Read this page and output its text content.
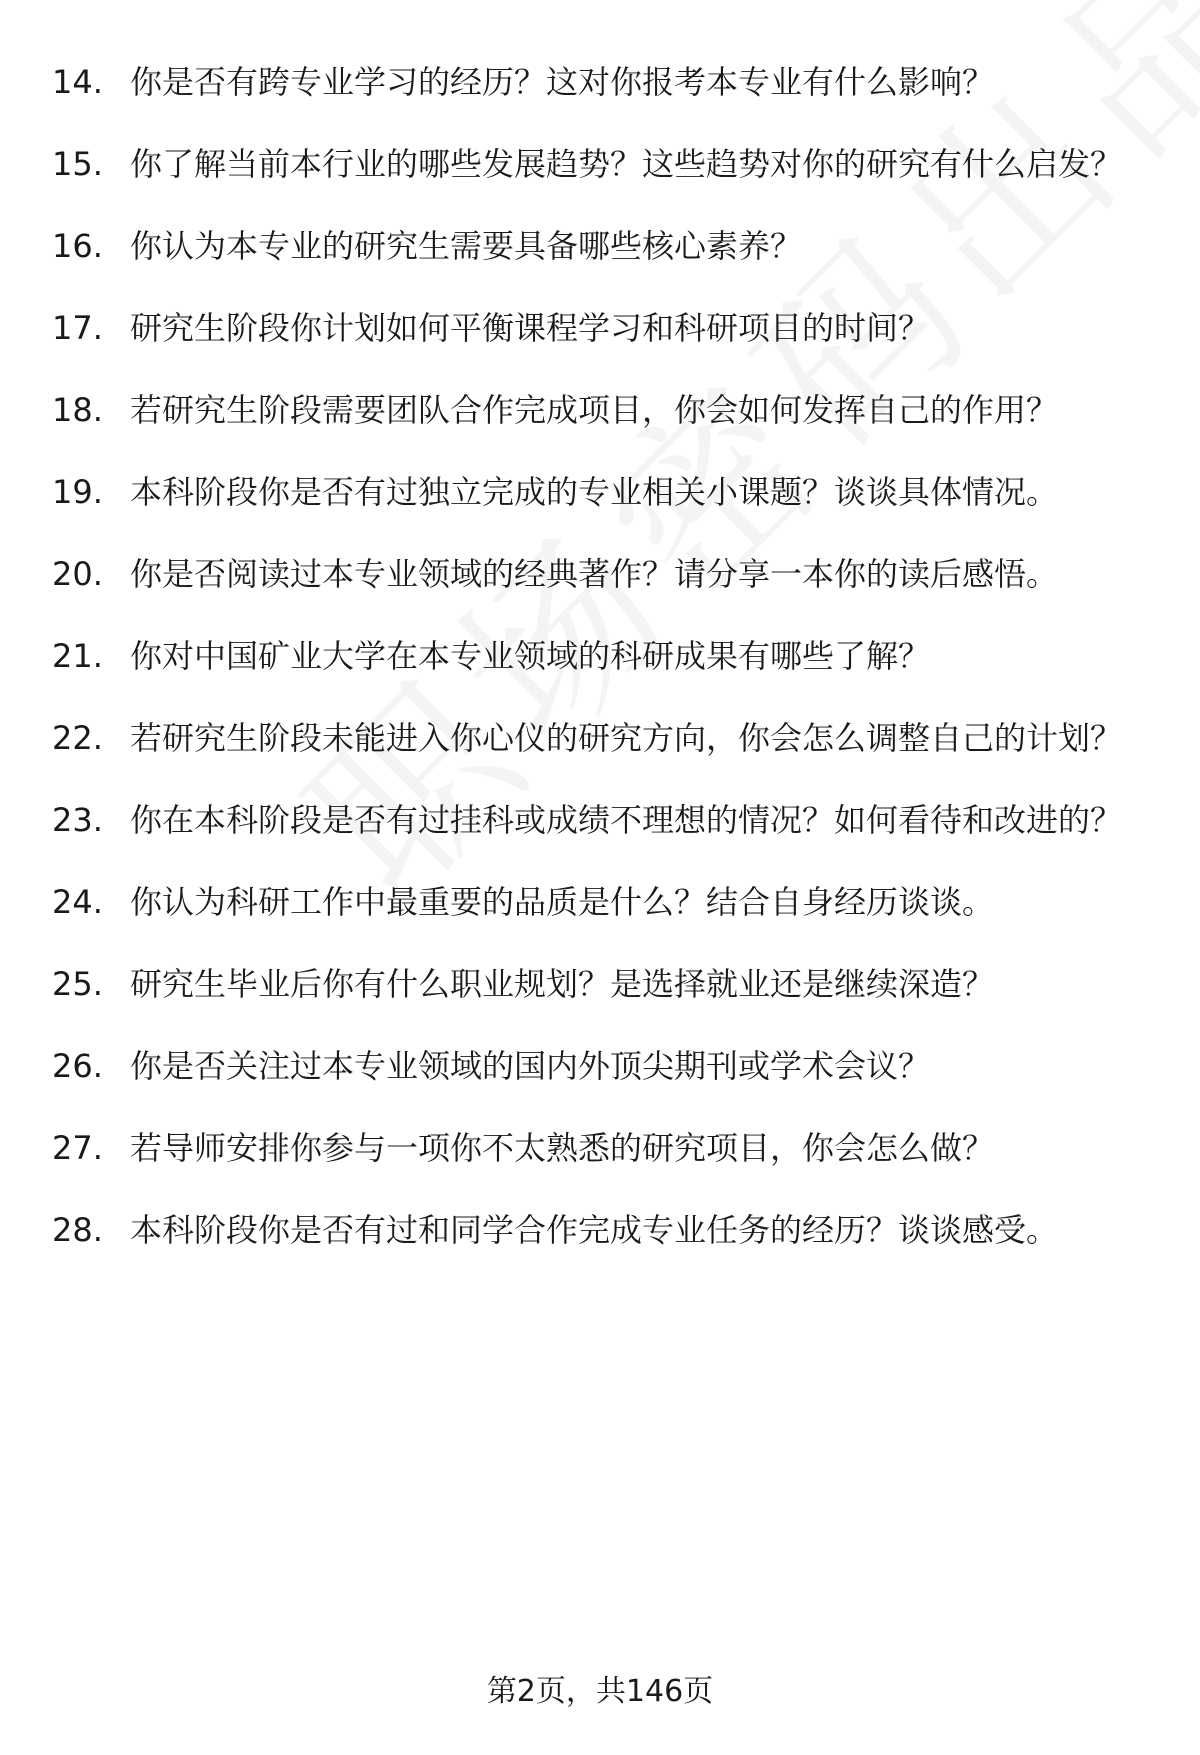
14. 你是否有跨专业学习的经历？这对你报考本专业有什么影响？
15. 你了解当前本行业的哪些发展趋势？这些趋势对你的研究有什么启发？
16. 你认为本专业的研究生需要具备哪些核心素养？
17. 研究生阶段你计划如何平衡课程学习和科研项目的时间？
18. 若研究生阶段需要团队合作完成项目，你会如何发挥自己的作用？
19. 本科阶段你是否有过独立完成的专业相关小课题？谈谈具体情况。
20. 你是否阅读过本专业领域的经典著作？请分享一本你的读后感悟。
21. 你对中国矿业大学在本专业领域的科研成果有哪些了解？
22. 若研究生阶段未能进入你心仪的研究方向，你会怎么调整自己的计划？
23. 你在本科阶段是否有过挂科或成绩不理想的情况？如何看待和改进的？
24. 你认为科研工作中最重要的品质是什么？结合自身经历谈谈。
25. 研究生毕业后你有什么职业规划？是选择就业还是继续深造？
26. 你是否关注过本专业领域的国内外顶尖期刊或学术会议？
27. 若导师安排你参与一项你不太熟悉的研究项目，你会怎么做？
28. 本科阶段你是否有过和同学合作完成专业任务的经历？谈谈感受。
第2页，共146页
